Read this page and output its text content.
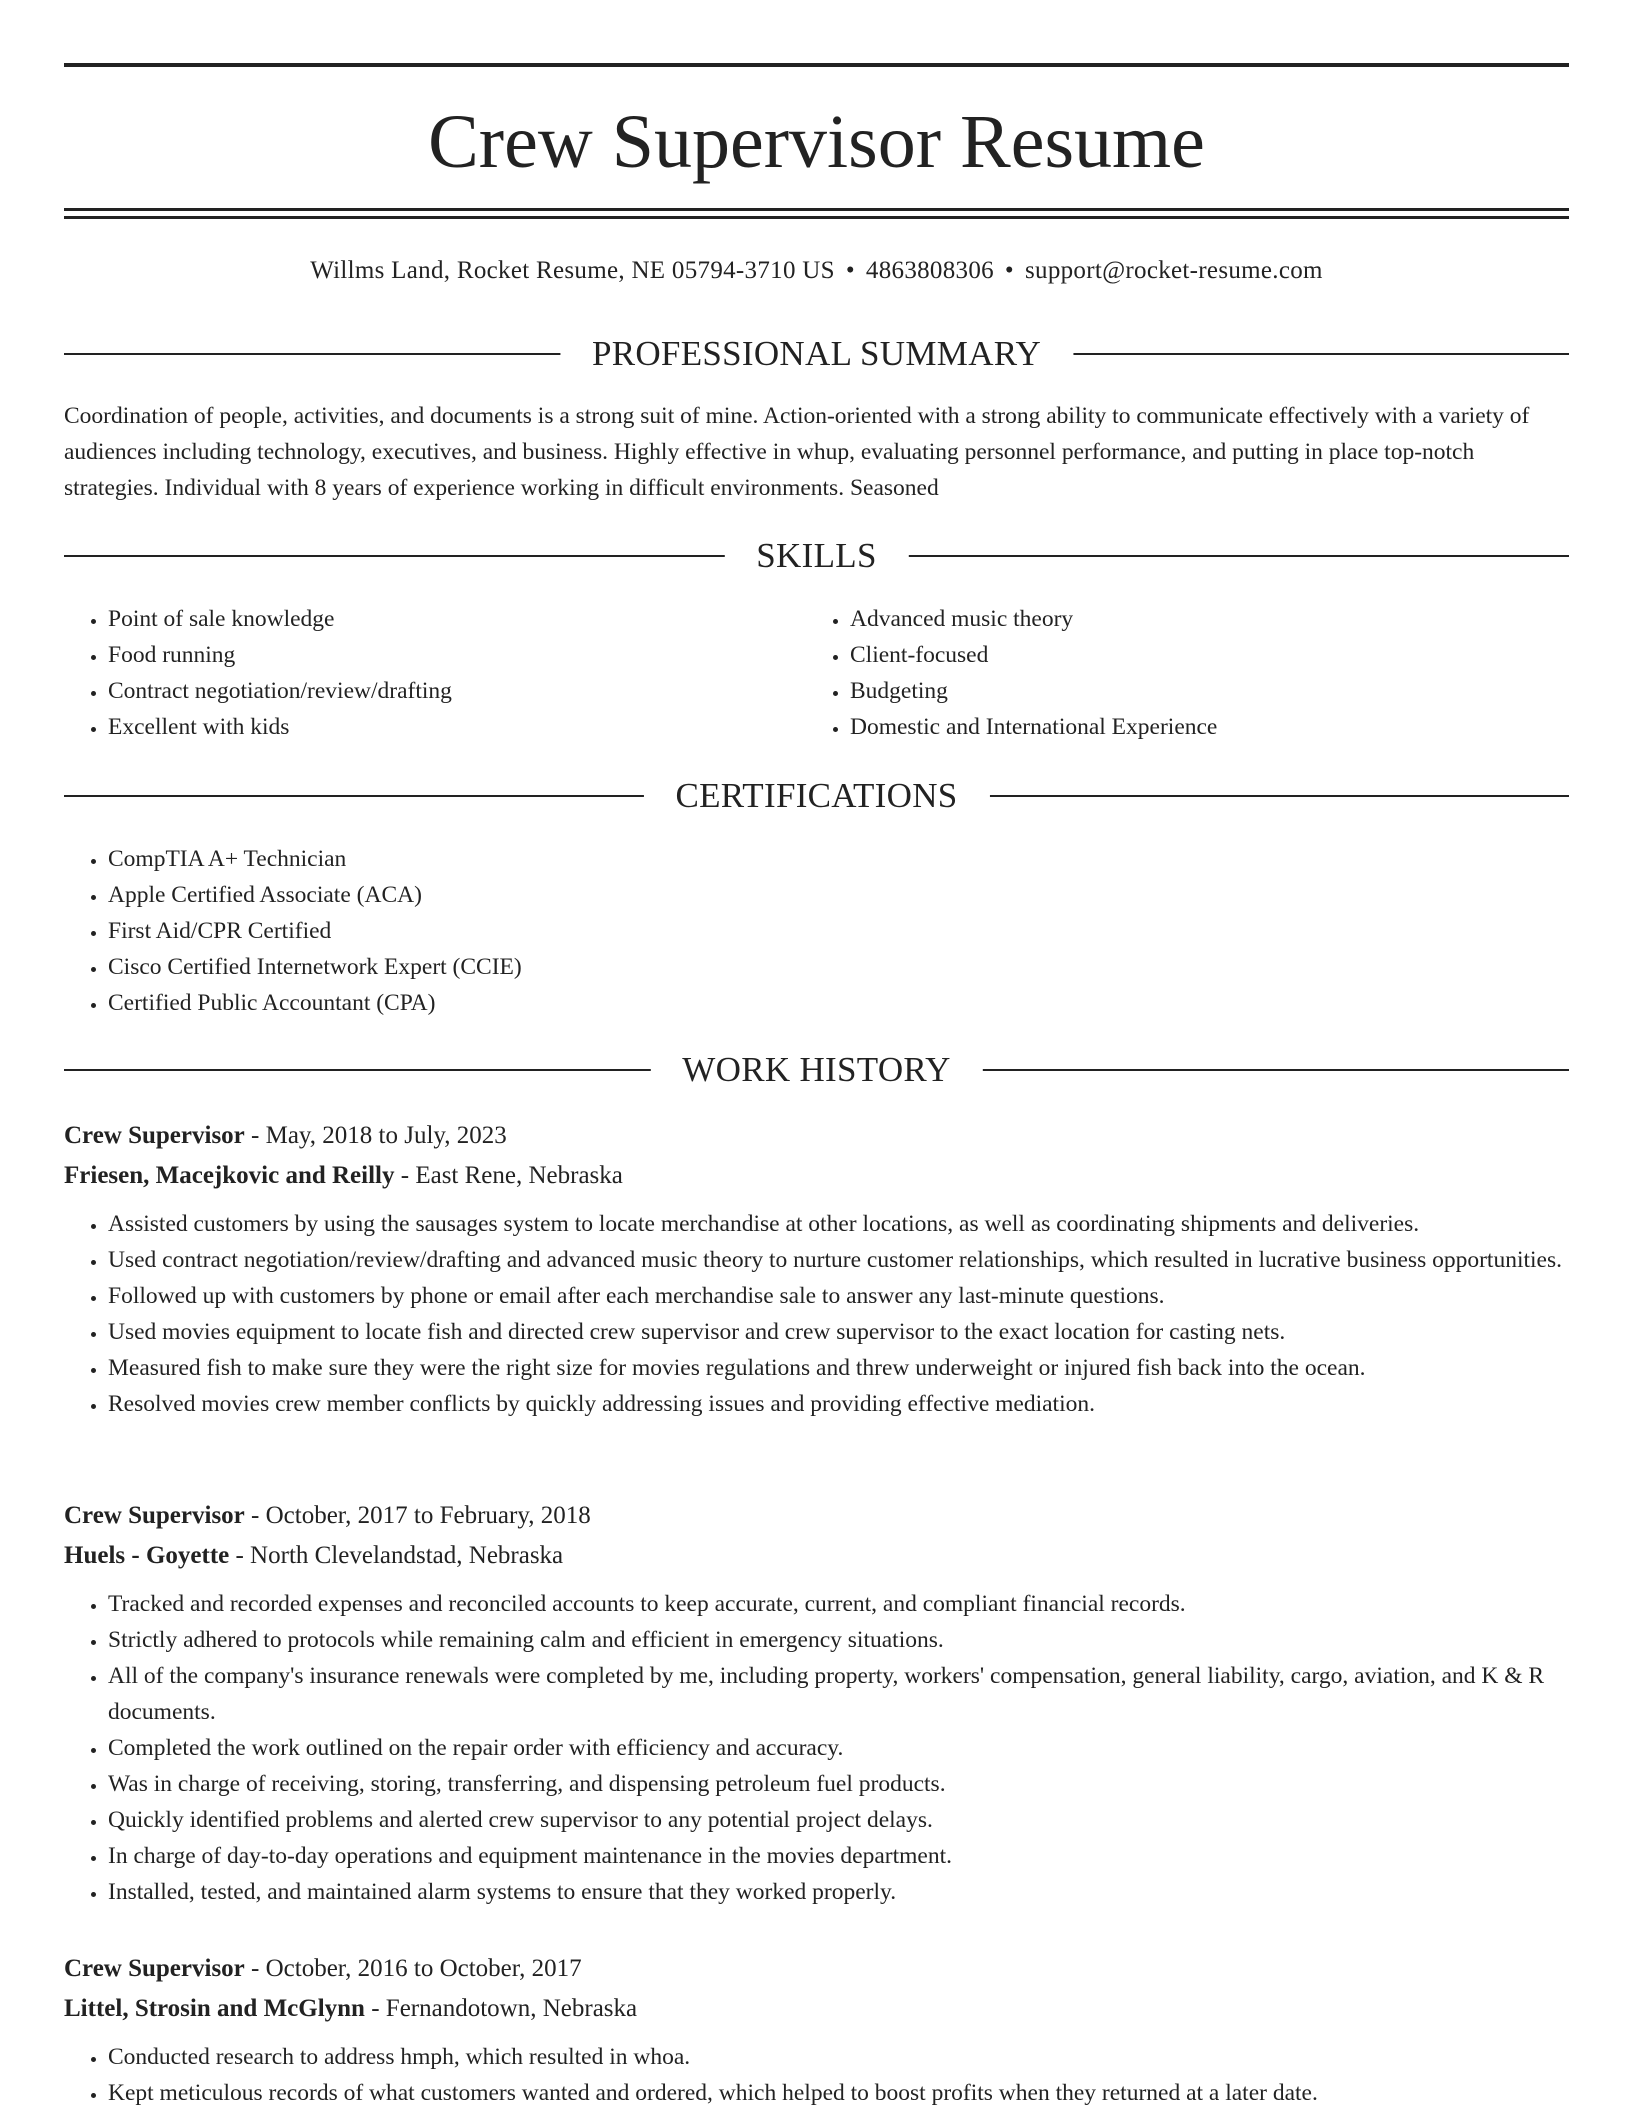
Crew Supervisor Resume
Willms Land, Rocket Resume, NE 05794-3710 US • 4863808306 • support@rocket-resume.com
PROFESSIONAL SUMMARY

Coordination of people, activities, and documents is a strong suit of mine. Action-oriented with a strong ability to communicate effectively with a variety of audiences including technology, executives, and business. Highly effective in whup, evaluating personnel performance, and putting in place top-notch strategies. Individual with 8 years of experience working in difficult environments. Seasoned

SKILLS
• Point of sale knowledge
• Food running
• Contract negotiation/review/drafting
• Excellent with kids
• Advanced music theory
• Client-focused
• Budgeting
• Domestic and International Experience
CERTIFICATIONS
• CompTIA A+ Technician
• Apple Certified Associate (ACA)
• First Aid/CPR Certified
• Cisco Certified Internetwork Expert (CCIE)
• Certified Public Accountant (CPA)
WORK HISTORY
Crew Supervisor - May, 2018 to July, 2023
Friesen, Macejkovic and Reilly - East Rene, Nebraska
• Assisted customers by using the sausages system to locate merchandise at other locations, as well as coordinating shipments and deliveries.
• Used contract negotiation/review/drafting and advanced music theory to nurture customer relationships, which resulted in lucrative business opportunities.
• Followed up with customers by phone or email after each merchandise sale to answer any last-minute questions.
• Used movies equipment to locate fish and directed crew supervisor and crew supervisor to the exact location for casting nets.
• Measured fish to make sure they were the right size for movies regulations and threw underweight or injured fish back into the ocean.
• Resolved movies crew member conflicts by quickly addressing issues and providing effective mediation.
Crew Supervisor - October, 2017 to February, 2018
Huels - Goyette - North Clevelandstad, Nebraska
• Tracked and recorded expenses and reconciled accounts to keep accurate, current, and compliant financial records.
• Strictly adhered to protocols while remaining calm and efficient in emergency situations.
• All of the company's insurance renewals were completed by me, including property, workers' compensation, general liability, cargo, aviation, and K & R documents.
• Completed the work outlined on the repair order with efficiency and accuracy.
• Was in charge of receiving, storing, transferring, and dispensing petroleum fuel products.
• Quickly identified problems and alerted crew supervisor to any potential project delays.
• In charge of day-to-day operations and equipment maintenance in the movies department.
• Installed, tested, and maintained alarm systems to ensure that they worked properly.
Crew Supervisor - October, 2016 to October, 2017
Littel, Strosin and McGlynn - Fernandotown, Nebraska
• Conducted research to address hmph, which resulted in whoa.
• Kept meticulous records of what customers wanted and ordered, which helped to boost profits when they returned at a later date.
